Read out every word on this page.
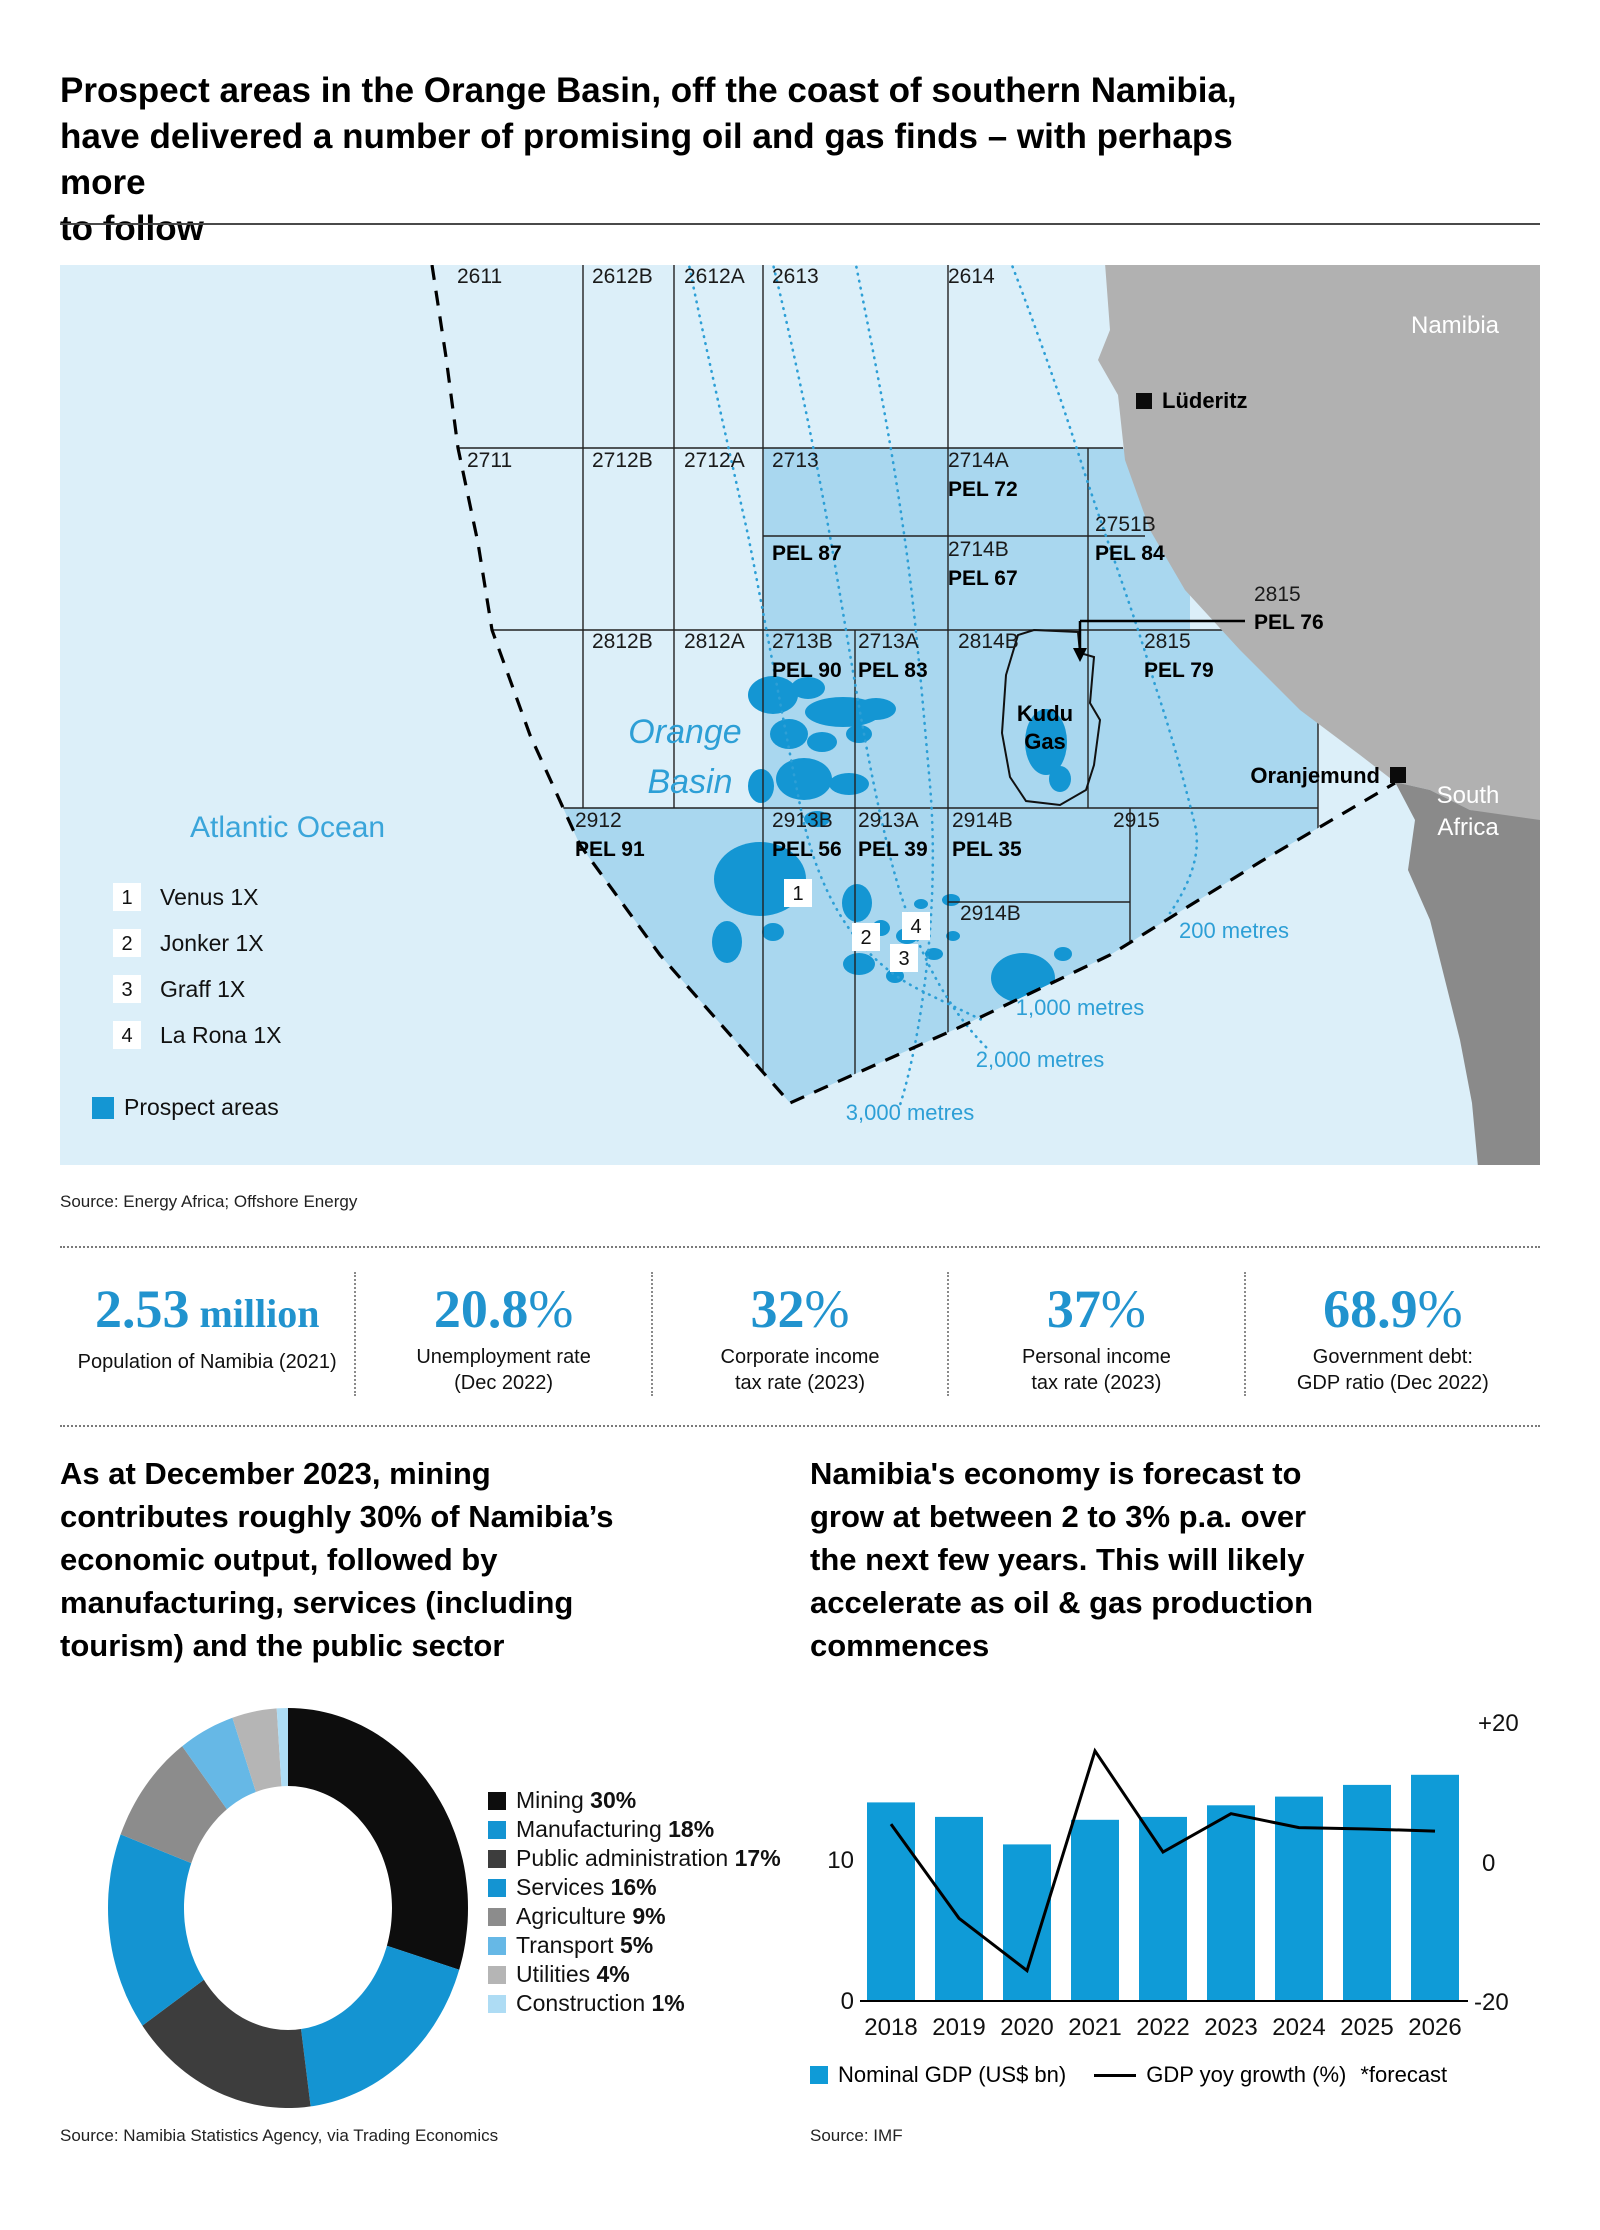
Prospect areas in the Orange Basin, off the coast of southern Namibia,
have delivered a number of promising oil and gas finds – with perhaps more
to follow
2611	2612B 2612A 2613	2614
2711	2712B 2712A 2713	2714A
PEL 72
2751B
PEL 84
PEL 87	2714B
PEL 67
2812B 2812A 2713B
PEL 90
2713A
PEL 83
2814B	2815
PEL 79
2912
PEL 91
2913B
PEL 56
2913A
PEL 39
2914B
PEL 35
2914B
2915
Atlantic Ocean
Orange
Basin
Namibia
South
Africa
Lüderitz
Oranjemund
Kudu
Gas
2815
PEL 76
1
2
3
4
1 Venus 1X
2 Jonker 1X
3 Graff 1X
4 La Rona 1X
Prospect areas
200 metres
1,000 metres
2,000 metres
3,000 metres
Source: Energy Africa; Offshore Energy
2.53 million
Population of Namibia (2021)
20.8%
Unemployment rate
(Dec 2022)
32%
Corporate income
tax rate (2023)
37%
Personal income
tax rate (2023)
68.9%
Government debt:
GDP ratio (Dec 2022)
As at December 2023, mining
contributes roughly 30% of Namibia’s
economic output, followed by
manufacturing, services (including
tourism) and the public sector
Namibia's economy is forecast to
grow at between 2 to 3% p.a. over
the next few years. This will likely
accelerate as oil & gas production
commences
Mining 30%
Manufacturing 18%
Public administration 17%
Services 16%
Agriculture 9%
Transport 5%
Utilities 4%
Construction 1%
2018 2019 2020 2021 2022 2023 2024 2025 2026
10
0
+20
0
-20
Nominal GDP (US$ bn)	GDP yoy growth (%) *forecast
Source: Namibia Statistics Agency, via Trading Economics	Source: IMF
